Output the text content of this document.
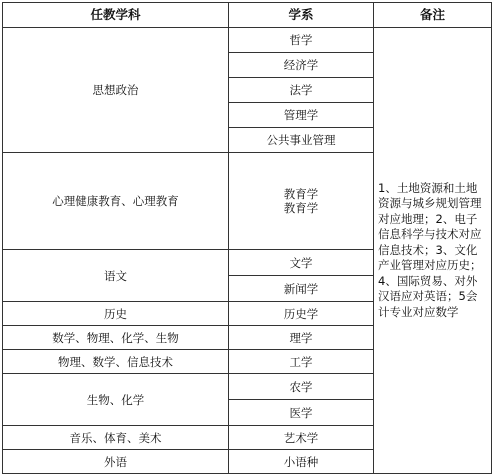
任教学科	学系	备注
思想政治	哲学	1、土地资源和土地资源与城乡规划管理对应地理；2、电子信息科学与技术对应信息技术；3、文化产业管理对应历史；4、国际贸易、对外汉语应对英语；5会计专业对应数学
	经济学	
	法学	
	管理学	
	公共事业管理	
心理健康教育、心理教育	教育学
教育学	
语文	文学	
	新闻学	
历史	历史学	
数学、物理、化学、生物	理学	
物理、数学、信息技术	工学	
生物、化学	农学	
	医学	
音乐、体育、美术	艺术学	
外语	小语种	
